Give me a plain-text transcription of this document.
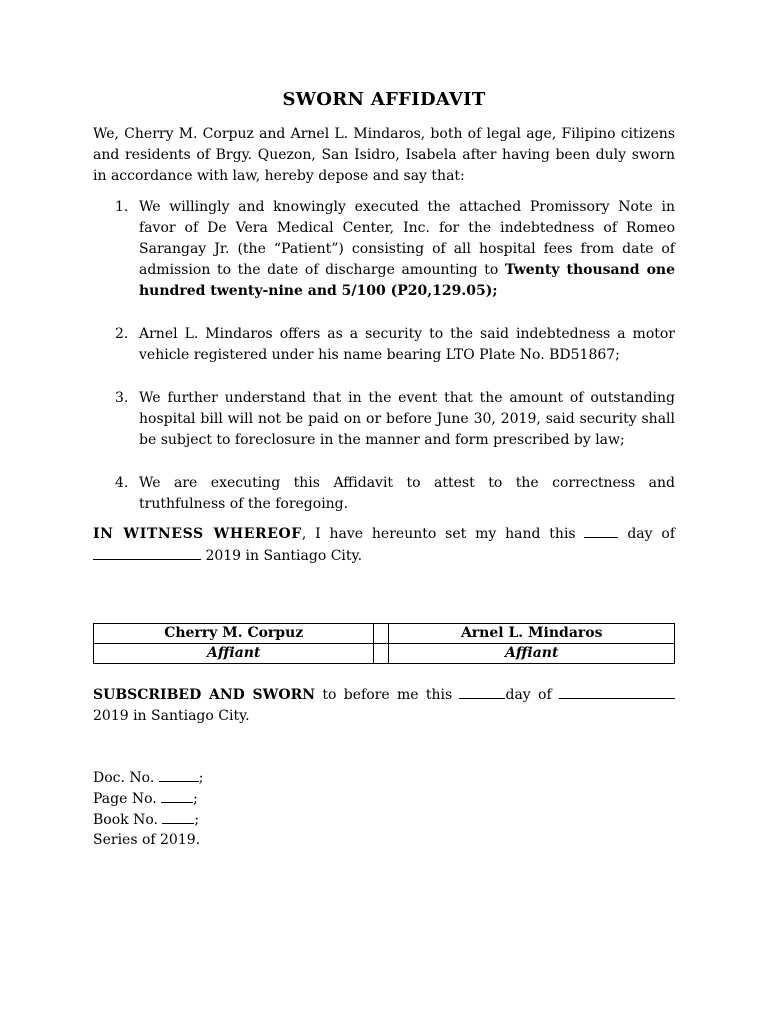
SWORN AFFIDAVIT

We, Cherry M. Corpuz and Arnel L. Mindaros, both of legal age, Filipino citizens and residents of Brgy. Quezon, San Isidro, Isabela after having been duly sworn in accordance with law, hereby depose and say that:

1. We willingly and knowingly executed the attached Promissory Note in favor of De Vera Medical Center, Inc. for the indebtedness of Romeo Sarangay Jr. (the “Patient”) consisting of all hospital fees from date of admission to the date of discharge amounting to Twenty thousand one hundred twenty-nine and 5/100 (P20,129.05);
2. Arnel L. Mindaros offers as a security to the said indebtedness a motor vehicle registered under his name bearing LTO Plate No. BD51867;
3. We further understand that in the event that the amount of outstanding hospital bill will not be paid on or before June 30, 2019, said security shall be subject to foreclosure in the manner and form prescribed by law;
4. We are executing this Affidavit to attest to the correctness and truthfulness of the foregoing.

IN WITNESS WHEREOF, I have hereunto set my hand this  day of  2019 in Santiago City.

Cherry M. Corpuz		Arnel L. Mindaros
Affiant		Affiant

SUBSCRIBED AND SWORN to before me this	day of  2019 in Santiago City.

Doc. No.	;
Page No.	;
Book No.	;
Series of 2019.
